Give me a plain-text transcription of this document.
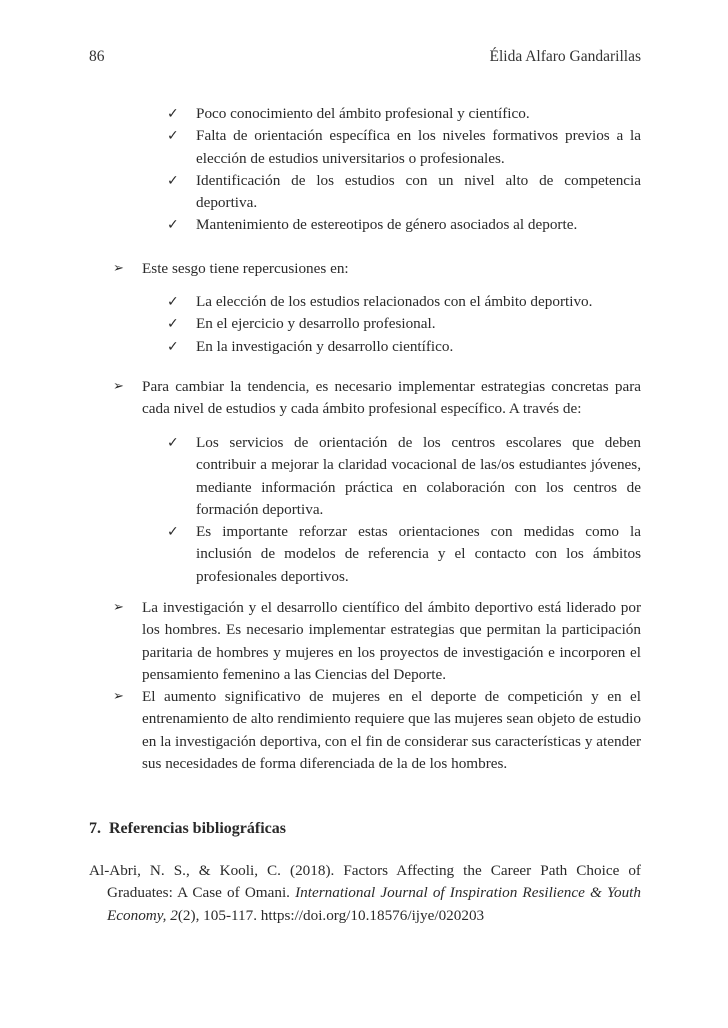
86	Élida Alfaro Gandarillas
✓ Poco conocimiento del ámbito profesional y científico.
✓ Falta de orientación específica en los niveles formativos previos a la elección de estudios universitarios o profesionales.
✓ Identificación de los estudios con un nivel alto de competencia deportiva.
✓ Mantenimiento de estereotipos de género asociados al deporte.
➢ Este sesgo tiene repercusiones en:
✓ La elección de los estudios relacionados con el ámbito deportivo.
✓ En el ejercicio y desarrollo profesional.
✓ En la investigación y desarrollo científico.
➢ Para cambiar la tendencia, es necesario implementar estrategias concretas para cada nivel de estudios y cada ámbito profesional específico. A través de:
✓ Los servicios de orientación de los centros escolares que deben contribuir a mejorar la claridad vocacional de las/os estudiantes jóvenes, mediante información práctica en colaboración con los centros de formación deportiva.
✓ Es importante reforzar estas orientaciones con medidas como la inclusión de modelos de referencia y el contacto con los ámbitos profesionales deportivos.
➢ La investigación y el desarrollo científico del ámbito deportivo está liderado por los hombres. Es necesario implementar estrategias que permitan la participación paritaria de hombres y mujeres en los proyectos de investigación e incorporen el pensamiento femenino a las Ciencias del Deporte.
➢ El aumento significativo de mujeres en el deporte de competición y en el entrenamiento de alto rendimiento requiere que las mujeres sean objeto de estudio en la investigación deportiva, con el fin de considerar sus características y atender sus necesidades de forma diferenciada de la de los hombres.
7. Referencias bibliográficas
Al-Abri, N. S., & Kooli, C. (2018). Factors Affecting the Career Path Choice of Graduates: A Case of Omani. International Journal of Inspiration Resilience & Youth Economy, 2(2), 105-117. https://doi.org/10.18576/ijye/020203
